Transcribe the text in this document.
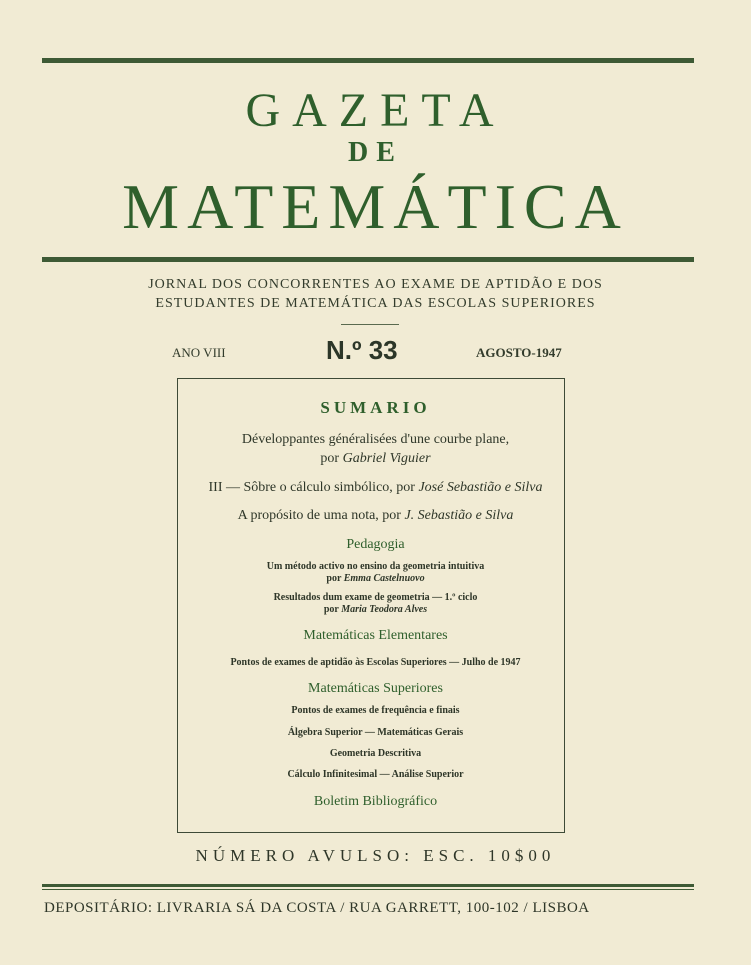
GAZETA
DE
MATEMÁTICA
JORNAL DOS CONCORRENTES AO EXAME DE APTIDÃO E DOS
ESTUDANTES DE MATEMÁTICA DAS ESCOLAS SUPERIORES
ANO VIII	N.º 33	AGOSTO-1947
SUMARIO
Développantes généralisées d'une courbe plane,
por Gabriel Viguier
III — Sôbre o cálculo simbólico, por José Sebastião e Silva
A propósito de uma nota, por J. Sebastião e Silva
Pedagogia
Um método activo no ensino da geometria intuitiva
por Emma Castelnuovo
Resultados dum exame de geometria — 1.º ciclo
por Maria Teodora Alves
Matemáticas Elementares
Pontos de exames de aptidão às Escolas Superiores — Julho de 1947
Matemáticas Superiores
Pontos de exames de frequência e finais
Álgebra Superior — Matemáticas Gerais
Geometria Descritiva
Cálculo Infinitesimal — Análise Superior
Boletim Bibliográfico
NÚMERO AVULSO: ESC. 10$00
DEPOSITÁRIO: LIVRARIA SÁ DA COSTA / RUA GARRETT, 100-102 / LISBOA
